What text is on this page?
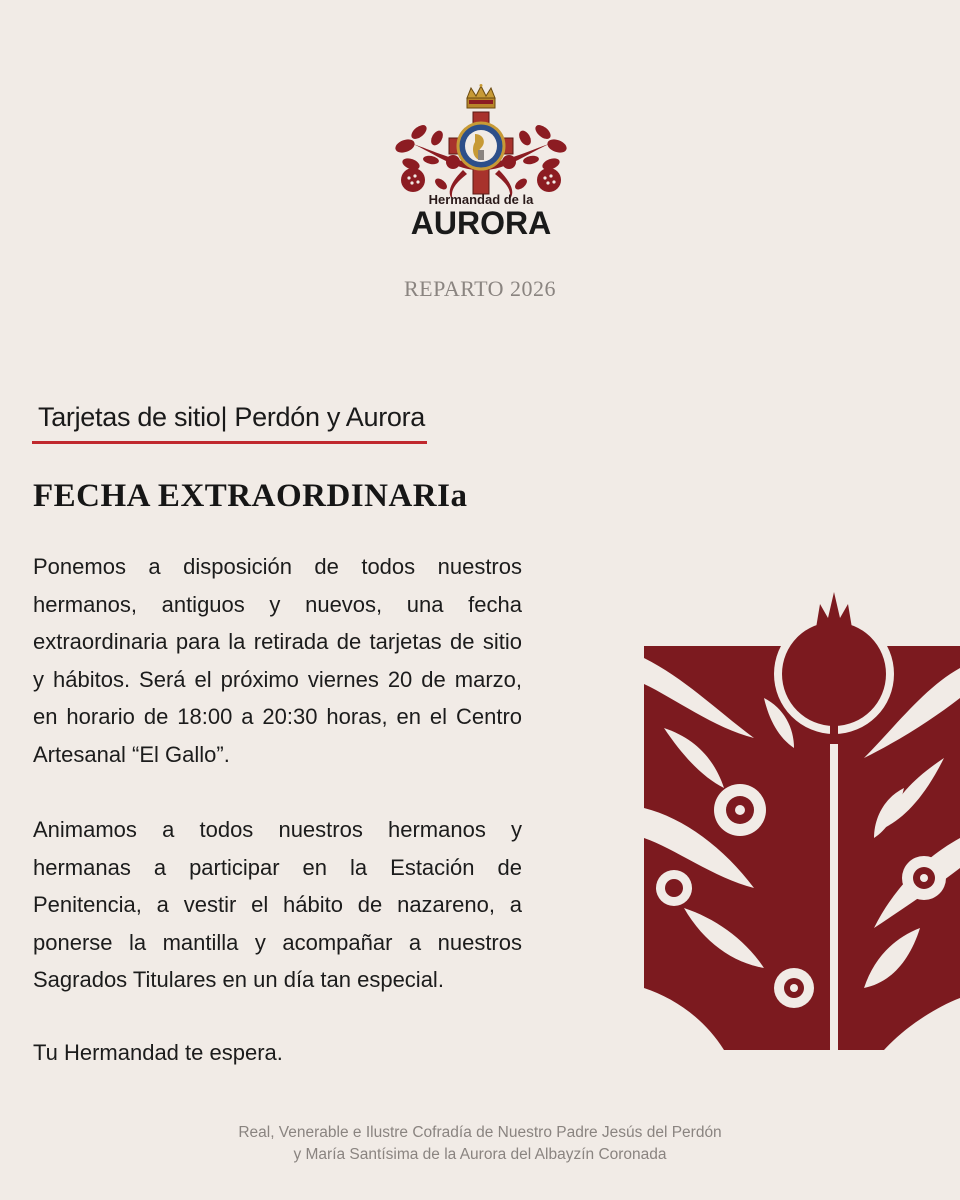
Hermandad de la
AURORA
REPARTO 2026
Tarjetas de sitio| Perdón y Aurora
FECHA EXTRAORDINARIa

Ponemos a disposición de todos nuestros hermanos, antiguos y nuevos, una fecha extraordinaria para la retirada de tarjetas de sitio y hábitos. Será el próximo viernes 20 de marzo, en horario de 18:00 a 20:30 horas, en el Centro Artesanal “El Gallo”.

Animamos a todos nuestros hermanos y hermanas a participar en la Estación de Penitencia, a vestir el hábito de nazareno, a ponerse la mantilla y acompañar a nuestros Sagrados Titulares en un día tan especial.

Tu Hermandad te espera.

Real, Venerable e Ilustre Cofradía de Nuestro Padre Jesús del Perdón
y María Santísima de la Aurora del Albayzín Coronada
